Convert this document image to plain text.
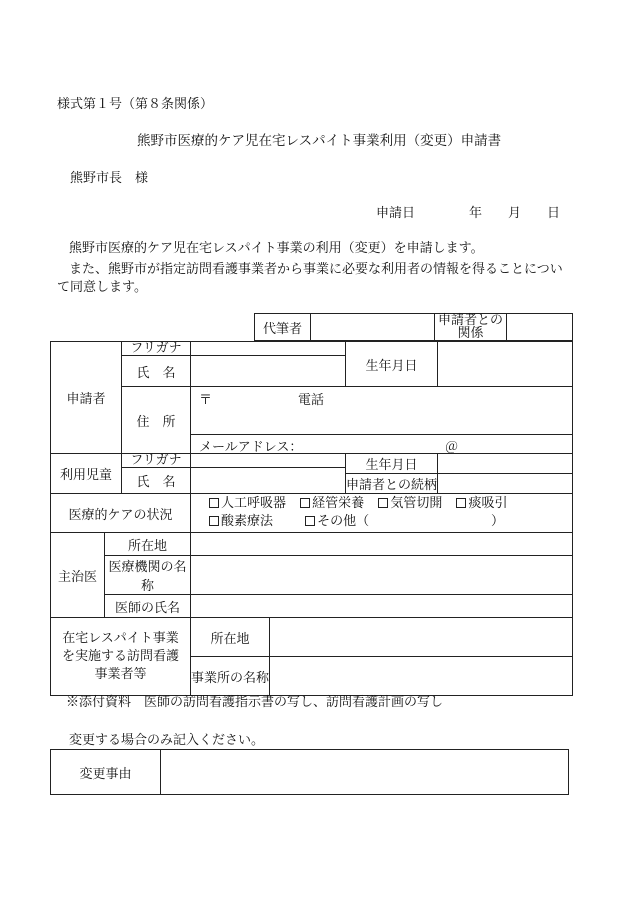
様式第１号（第８条関係）
熊野市医療的ケア児在宅レスパイト事業利用（変更）申請書
熊野市長　様
申請日	年 月 日
熊野市医療的ケア児在宅レスパイト事業の利用（変更）を申請します。
また、熊野市が指定訪問看護事業者から事業に必要な利用者の情報を得ることについ
て同意します。
代筆者		申請者との
関係	
申請者		フリガナ			生年月日	
		氏　名				
		住　所	〒 電話			

			メールアドレス： ＠			

利用児童		フリガナ			生年月日	
		氏　名				
					申請者との続柄	
医療的ケアの状況			人工呼吸器 経管栄養 気管切開 痰吸引
酸素療法 その他（ ）			

主治医	所在地					
	医療機関の名称					
	医師の氏名					
在宅レスパイト事業
を実施する訪問看護
事業者等			所在地			
			事業所の名称			
※添付資料　医師の訪問看護指示書の写し、訪問看護計画の写し
変更する場合のみ記入ください。
変更事由	
